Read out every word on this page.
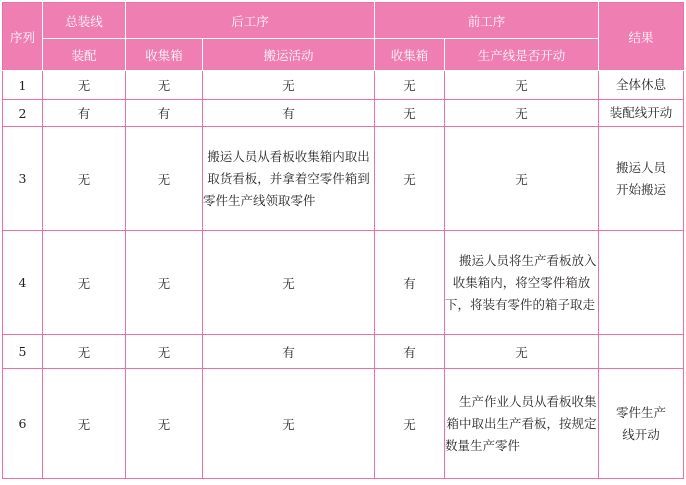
序列	总装线	后工序		前工序		结果
	装配	收集箱	搬运活动	收集箱	生产线是否开动	
1	无	无	无	无	无	全体休息
2	有	有	有	无	无	装配线开动
3	无	无	搬运人员从看板收集箱内取出取货看板，并拿着空零件箱到零件生产线领取零件	无	无	搬运人员开始搬运
4	无	无	无	有	搬运人员将生产看板放入收集箱内，将空零件箱放下，将装有零件的箱子取走	
5	无	无	有	有	无	
6	无	无	无	无	生产作业人员从看板收集箱中取出生产看板，按规定数量生产零件	零件生产线开动
